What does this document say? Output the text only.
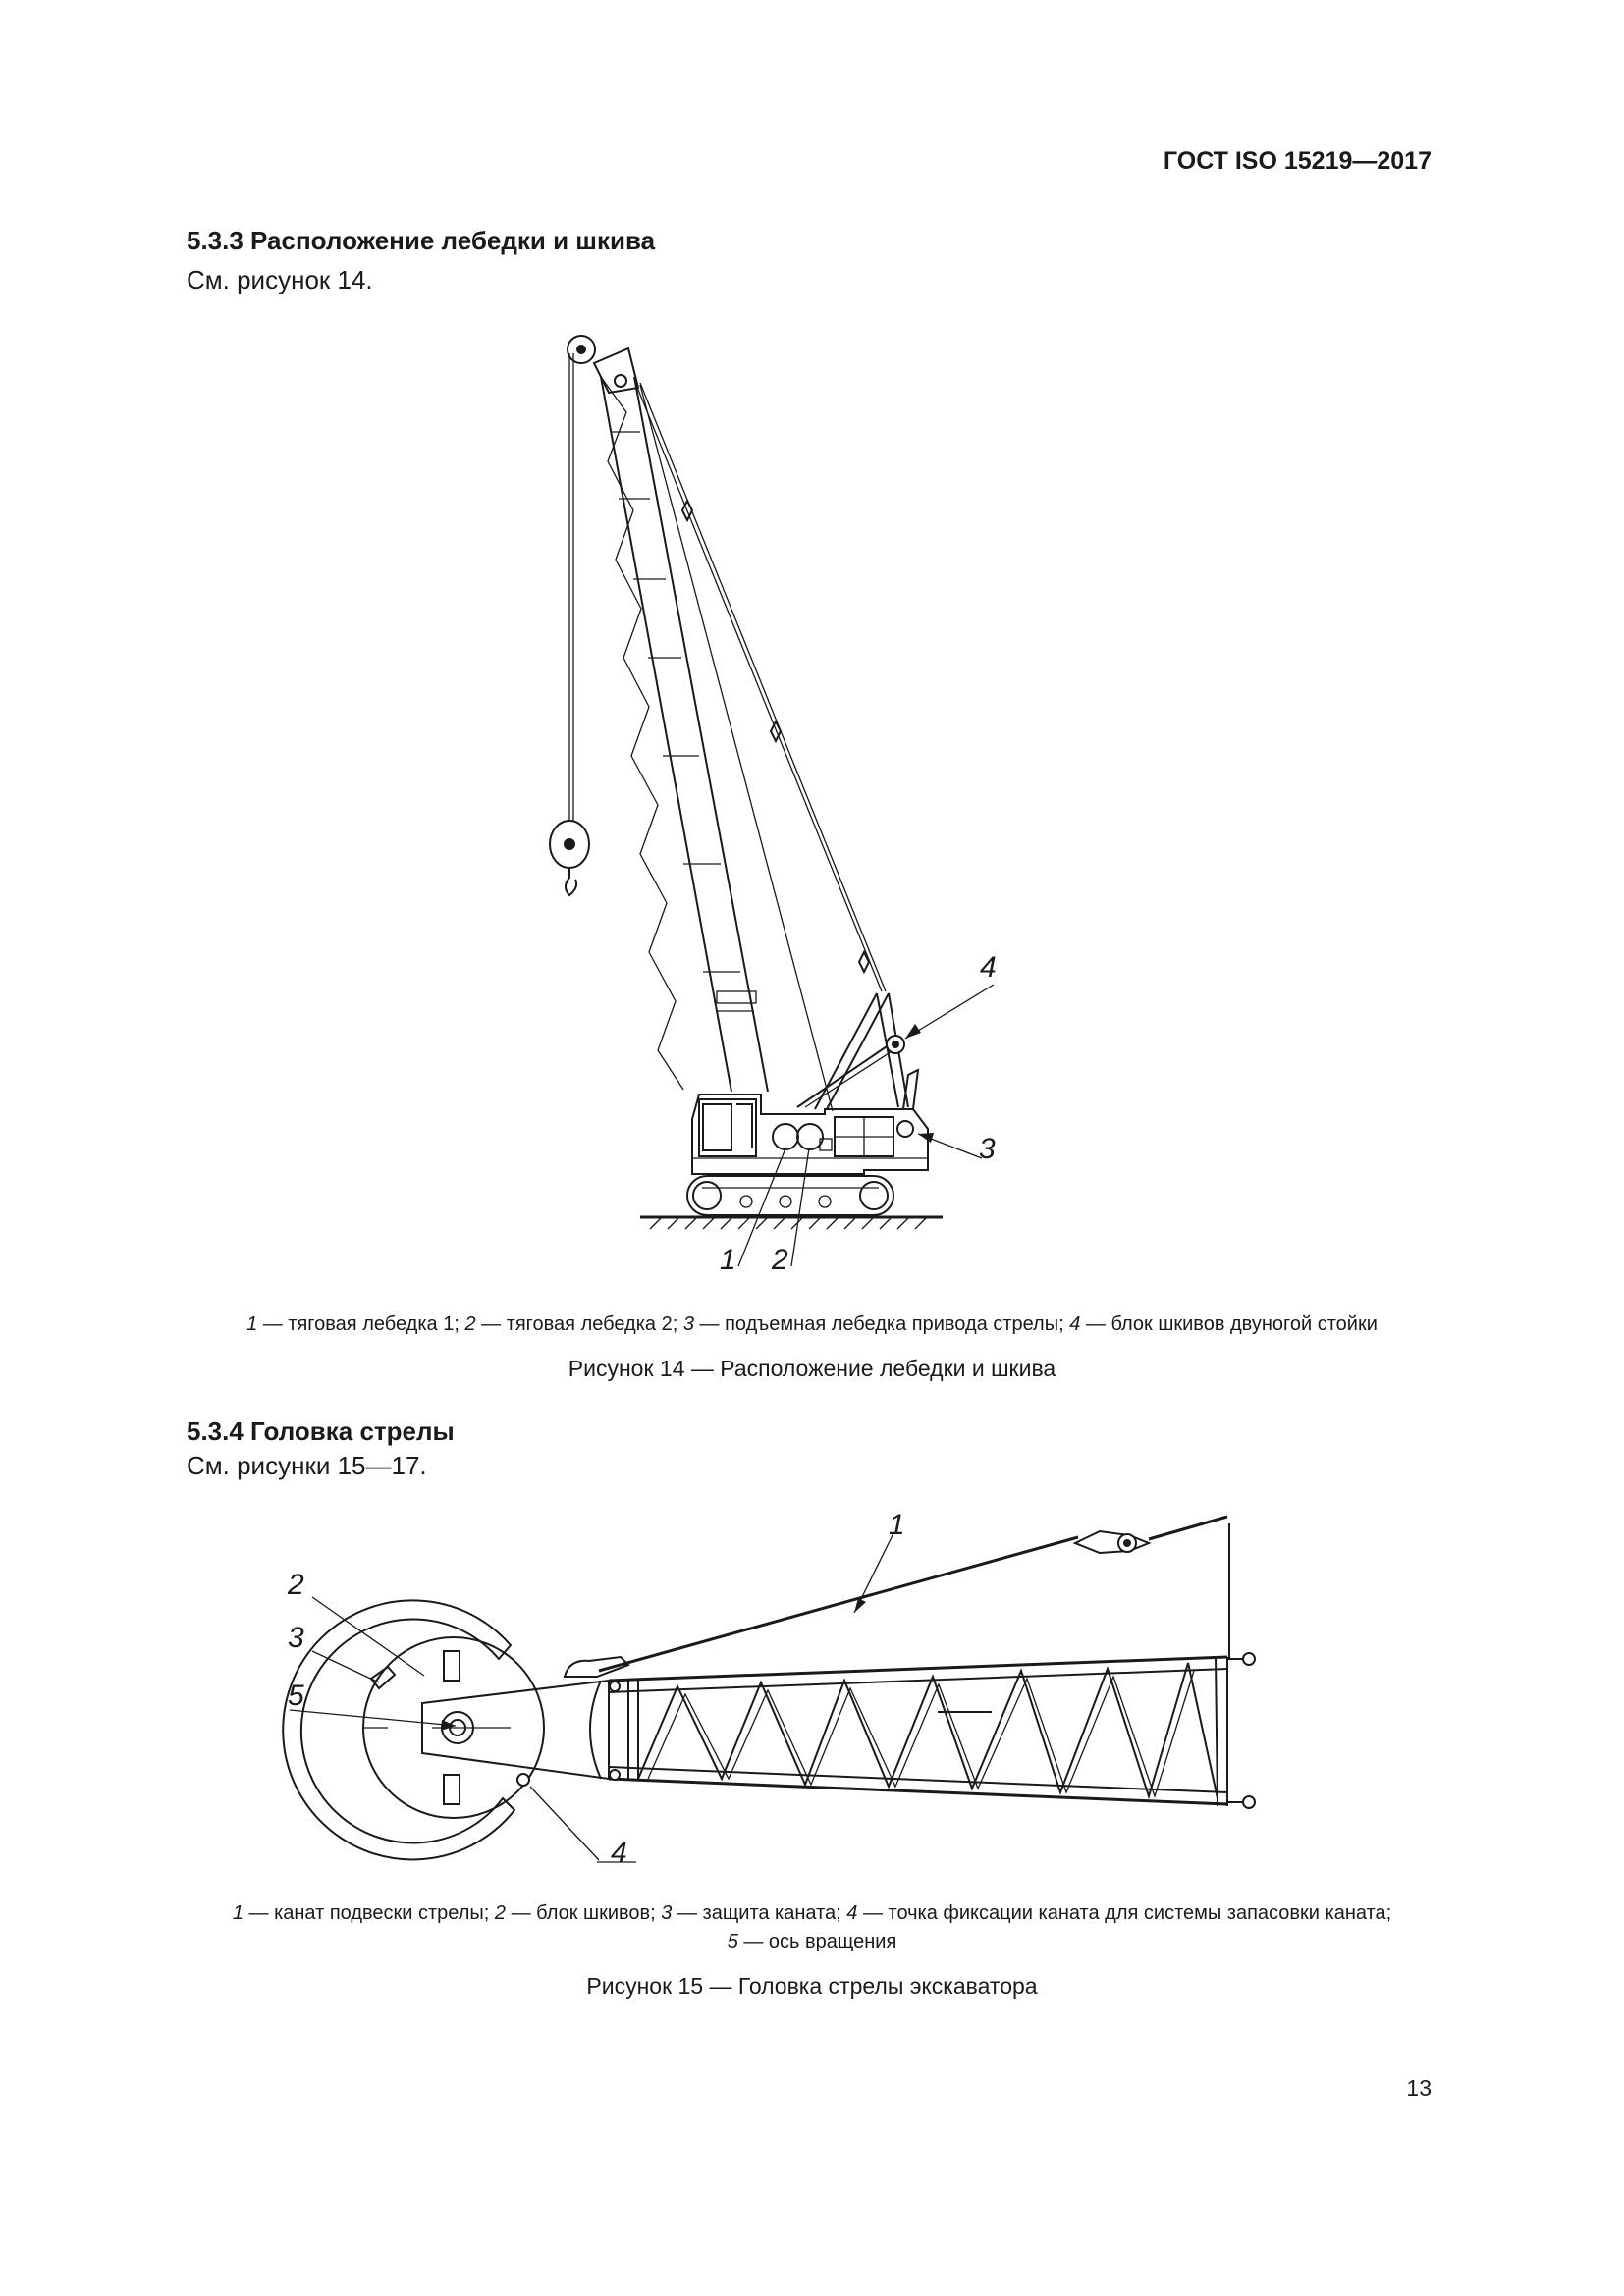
ГОСТ ISO 15219—2017
5.3.3 Расположение лебедки и шкива
См. рисунок 14.
4
3
1 2
1 — тяговая лебедка 1; 2 — тяговая лебедка 2; 3 — подъемная лебедка привода стрелы; 4 — блок шкивов двуногой стойки
Рисунок 14 — Расположение лебедки и шкива
5.3.4 Головка стрелы
См. рисунки 15—17.
1
2
3
5
4
1 — канат подвески стрелы; 2 — блок шкивов; 3 — защита каната; 4 — точка фиксации каната для системы запасовки каната;
5 — ось вращения
Рисунок 15 — Головка стрелы экскаватора
13
